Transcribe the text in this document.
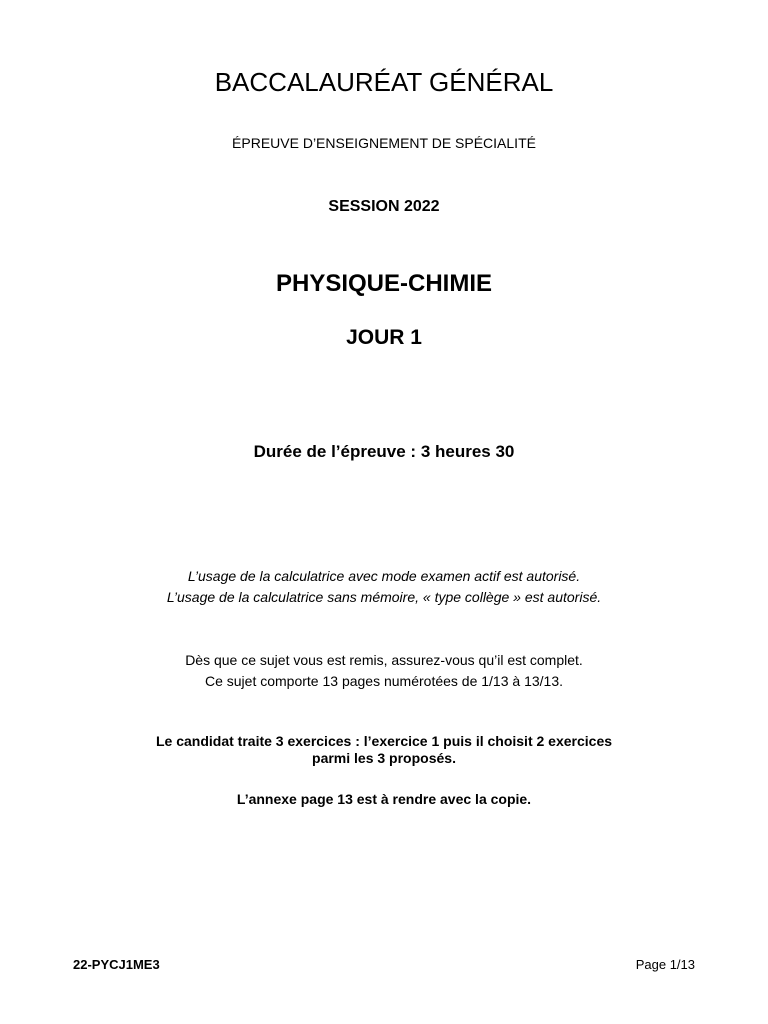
BACCALAURÉAT GÉNÉRAL

ÉPREUVE D’ENSEIGNEMENT DE SPÉCIALITÉ

SESSION 2022

PHYSIQUE-CHIMIE

JOUR 1

Durée de l’épreuve : 3 heures 30

L’usage de la calculatrice avec mode examen actif est autorisé.
L’usage de la calculatrice sans mémoire, « type collège » est autorisé.
Dès que ce sujet vous est remis, assurez-vous qu’il est complet.
Ce sujet comporte 13 pages numérotées de 1/13 à 13/13.
Le candidat traite 3 exercices : l’exercice 1 puis il choisit 2 exercices
parmi les 3 proposés.

L’annexe page 13 est à rendre avec la copie.

22-PYCJ1ME3	Page 1/13
